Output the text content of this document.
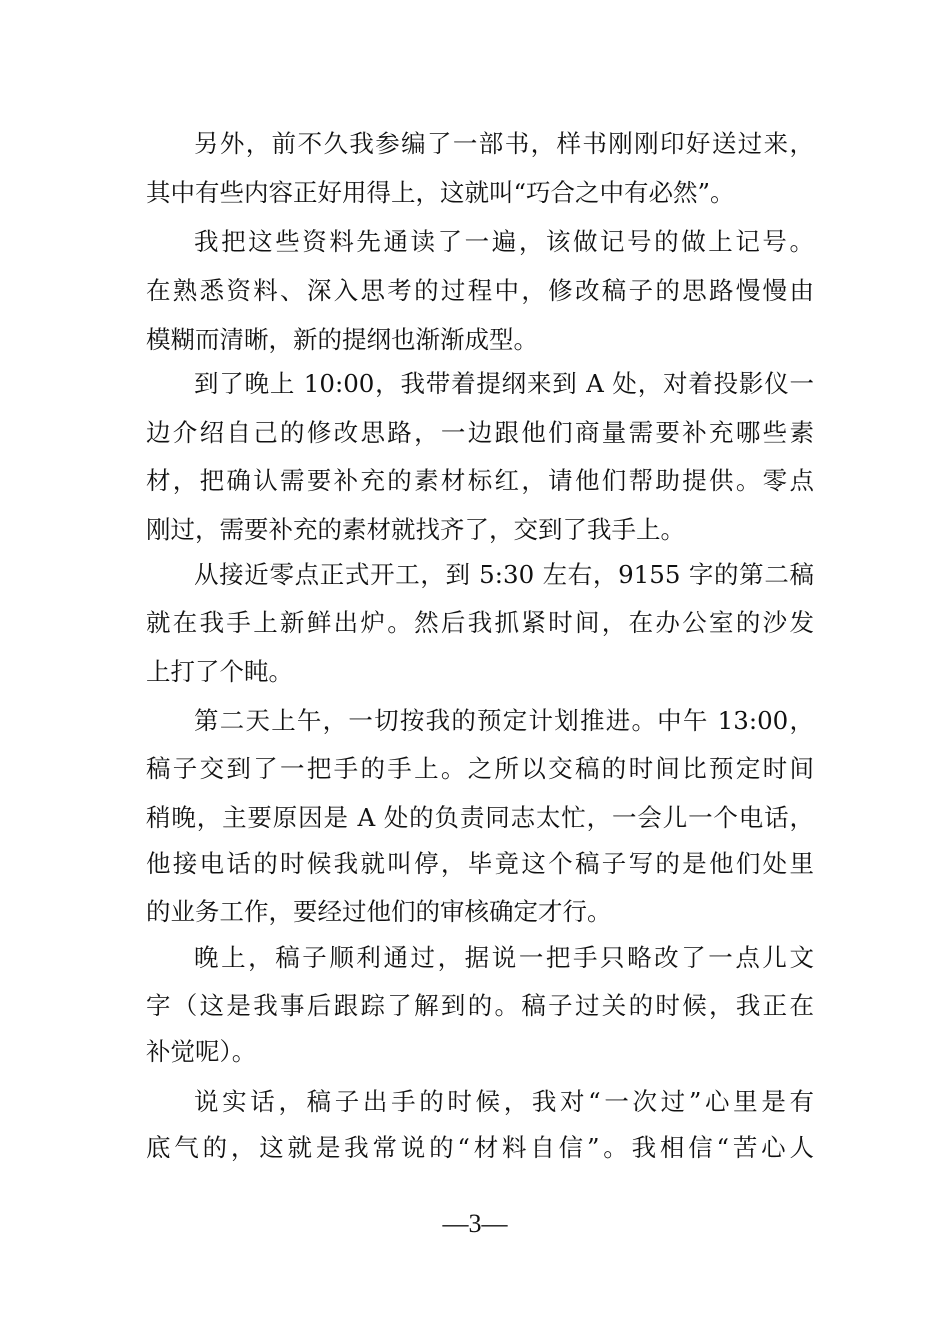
另外，前不久我参编了一部书，样书刚刚印好送过来，
其中有些内容正好用得上，这就叫“巧合之中有必然”。
我把这些资料先通读了一遍，该做记号的做上记号。
在熟悉资料、深入思考的过程中，修改稿子的思路慢慢由
模糊而清晰，新的提纲也渐渐成型。
到了晚上 10:00，我带着提纲来到 A 处，对着投影仪一
边介绍自己的修改思路，一边跟他们商量需要补充哪些素
材，把确认需要补充的素材标红，请他们帮助提供。零点
刚过，需要补充的素材就找齐了，交到了我手上。
从接近零点正式开工，到 5:30 左右，9155 字的第二稿
就在我手上新鲜出炉。然后我抓紧时间，在办公室的沙发
上打了个盹。
第二天上午，一切按我的预定计划推进。中午 13:00，
稿子交到了一把手的手上。之所以交稿的时间比预定时间
稍晚，主要原因是 A 处的负责同志太忙，一会儿一个电话，
他接电话的时候我就叫停，毕竟这个稿子写的是他们处里
的业务工作，要经过他们的审核确定才行。
晚上，稿子顺利通过，据说一把手只略改了一点儿文
字（这是我事后跟踪了解到的。稿子过关的时候，我正在
补觉呢）。
说实话，稿子出手的时候，我对“一次过”心里是有
底气的，这就是我常说的“材料自信”。我相信“苦心人
—3—
